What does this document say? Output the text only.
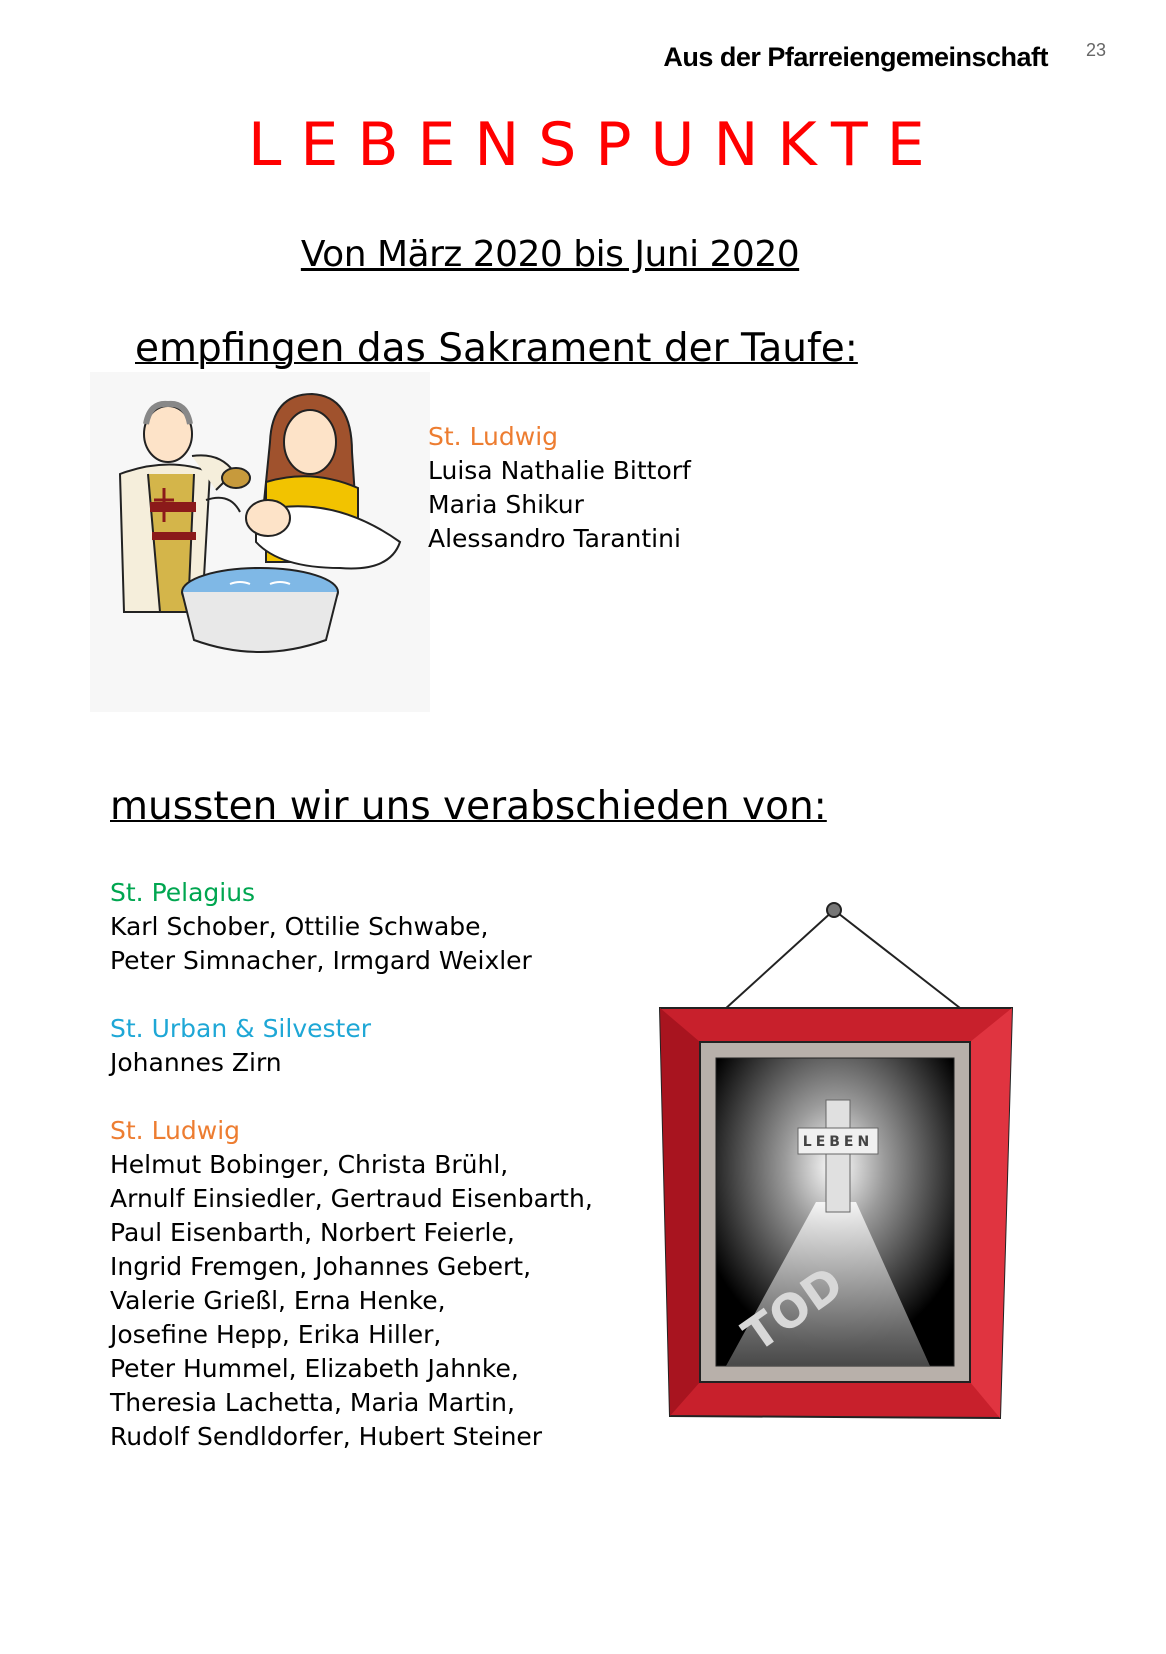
Aus der Pfarreiengemeinschaft 23
LEBENSPUNKTE
Von März 2020 bis Juni 2020
empfingen das Sakrament der Taufe:
St. Ludwig
Luisa Nathalie Bittorf
Maria Shikur
Alessandro Tarantini
mussten wir uns verabschieden von:
St. Pelagius
Karl Schober, Ottilie Schwabe,
Peter Simnacher, Irmgard Weixler
St. Urban & Silvester
Johannes Zirn
St. Ludwig
Helmut Bobinger, Christa Brühl,
Arnulf Einsiedler, Gertraud Eisenbarth,
Paul Eisenbarth, Norbert Feierle,
Ingrid Fremgen, Johannes Gebert,
Valerie Grießl, Erna Henke,
Josefine Hepp, Erika Hiller,
Peter Hummel, Elizabeth Jahnke,
Theresia Lachetta, Maria Martin,
Rudolf Sendldorfer, Hubert Steiner
LEBEN
TOD
